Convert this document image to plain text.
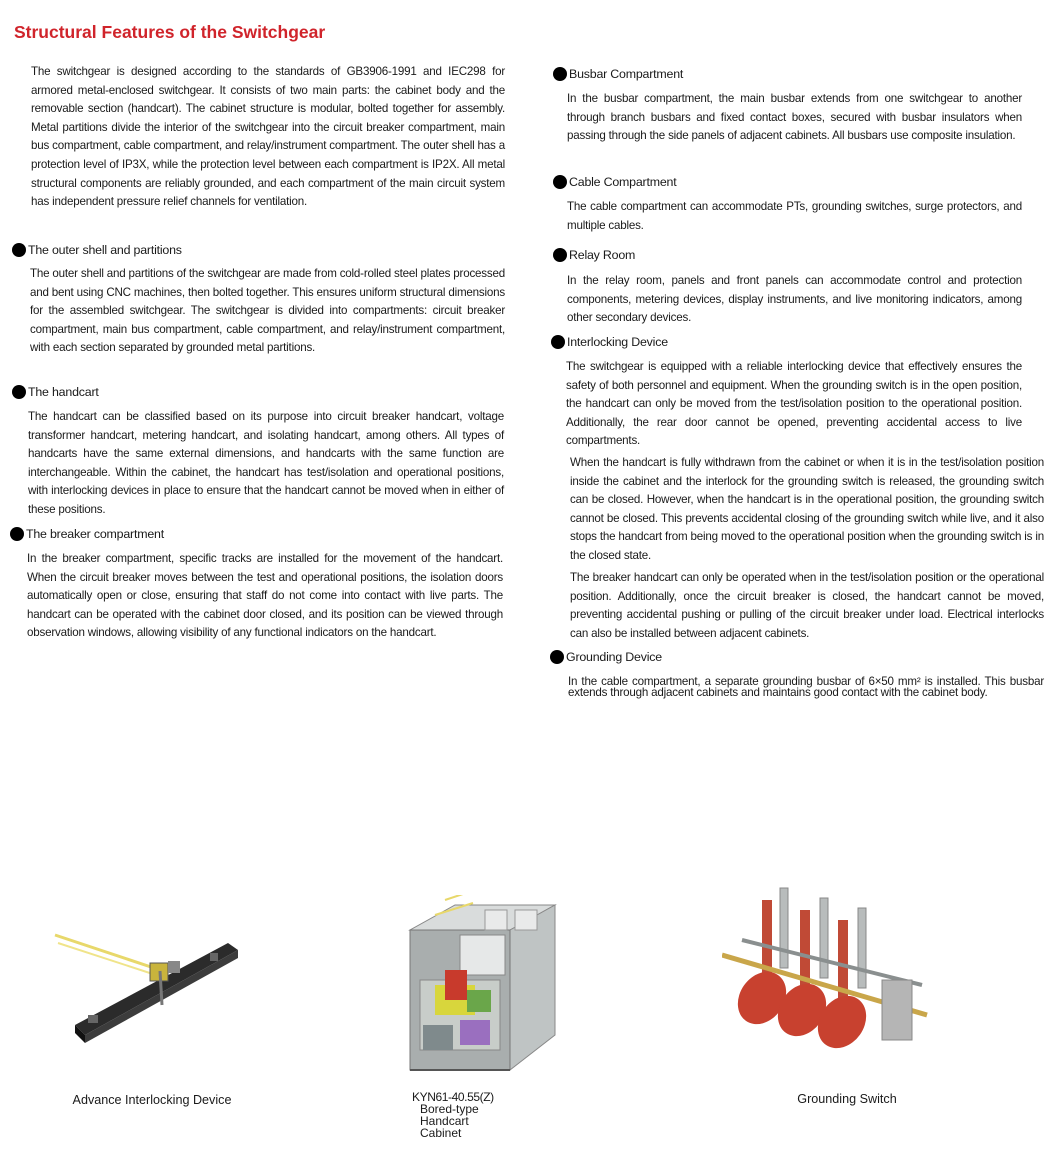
Structural Features of the Switchgear

The switchgear is designed according to the standards of GB3906-1991 and IEC298 for armored metal-enclosed switchgear. It consists of two main parts: the cabinet body and the removable section (handcart). The cabinet structure is modular, bolted together for assembly. Metal partitions divide the interior of the switchgear into the circuit breaker compartment, main bus compartment, cable compartment, and relay/instrument compartment. The outer shell has a protection level of IP3X, while the protection level between each compartment is IP2X. All metal structural components are reliably grounded, and each compartment of the main circuit system has independent pressure relief channels for ventilation.

The outer shell and partitions

The outer shell and partitions of the switchgear are made from cold-rolled steel plates processed and bent using CNC machines, then bolted together. This ensures uniform structural dimensions for the assembled switchgear. The switchgear is divided into compartments: circuit breaker compartment, main bus compartment, cable compartment, and relay/instrument compartment, with each section separated by grounded metal partitions.

The handcart

The handcart can be classified based on its purpose into circuit breaker handcart, voltage transformer handcart, metering handcart, and isolating handcart, among others. All types of handcarts have the same external dimensions, and handcarts with the same function are interchangeable. Within the cabinet, the handcart has test/isolation and operational positions, with interlocking devices in place to ensure that the handcart cannot be moved when in either of these positions.

The breaker compartment

In the breaker compartment, specific tracks are installed for the movement of the handcart. When the circuit breaker moves between the test and operational positions, the isolation doors automatically open or close, ensuring that staff do not come into contact with live parts. The handcart can be operated with the cabinet door closed, and its position can be viewed through observation windows, allowing visibility of any functional indicators on the handcart.

Busbar Compartment

In the busbar compartment, the main busbar extends from one switchgear to another through branch busbars and fixed contact boxes, secured with busbar insulators when passing through the side panels of adjacent cabinets. All busbars use composite insulation.

Cable Compartment

The cable compartment can accommodate PTs, grounding switches, surge protectors, and multiple cables.

Relay Room

In the relay room, panels and front panels can accommodate control and protection components, metering devices, display instruments, and live monitoring indicators, among other secondary devices.

Interlocking Device

The switchgear is equipped with a reliable interlocking device that effectively ensures the safety of both personnel and equipment. When the grounding switch is in the open position, the handcart can only be moved from the test/isolation position to the operational position. Additionally, the rear door cannot be opened, preventing accidental access to live compartments.

When the handcart is fully withdrawn from the cabinet or when it is in the test/isolation position inside the cabinet and the interlock for the grounding switch is released, the grounding switch can be closed. However, when the handcart is in the operational position, the grounding switch cannot be closed. This prevents accidental closing of the grounding switch while live, and it also stops the handcart from being moved to the operational position when the grounding switch is in the closed state.

The breaker handcart can only be operated when in the test/isolation position or the operational position. Additionally, once the circuit breaker is closed, the handcart cannot be moved, preventing accidental pushing or pulling of the circuit breaker under load. Electrical interlocks can also be installed between adjacent cabinets.

Grounding Device

In the cable compartment, a separate grounding busbar of 6×50 mm² is installed. This busbar extends through adjacent cabinets and maintains good contact with the cabinet body.

Advance Interlocking Device	KYN61-40.55(Z)
Bored-type
Handcart
Cabinet

Grounding Switch
